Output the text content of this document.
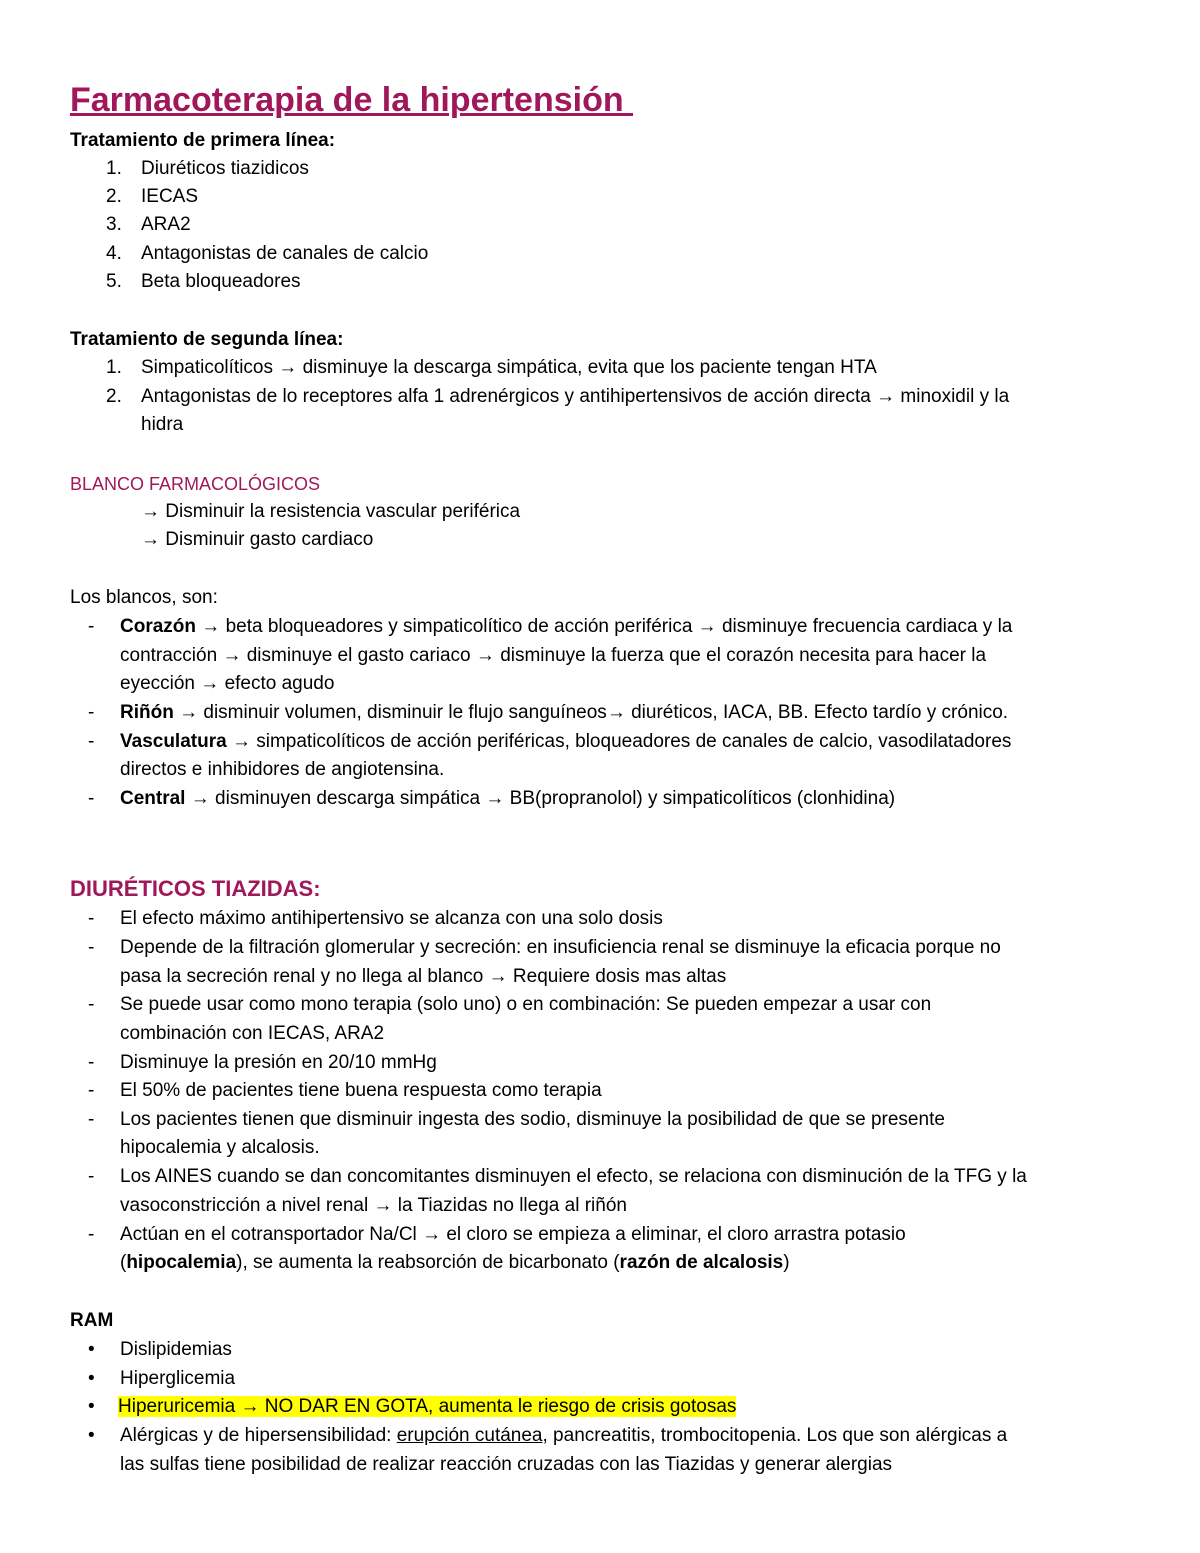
Farmacoterapia de la hipertensión
Tratamiento de primera línea:
1. Diuréticos tiazidicos
2. IECAS
3. ARA2
4. Antagonistas de canales de calcio
5. Beta bloqueadores
Tratamiento de segunda línea:
1. Simpaticolíticos → disminuye la descarga simpática, evita que los paciente tengan HTA
2. Antagonistas de lo receptores alfa 1 adrenérgicos y antihipertensivos de acción directa → minoxidil y la
hidra
BLANCO FARMACOLÓGICOS
→ Disminuir la resistencia vascular periférica
→ Disminuir gasto cardiaco
Los blancos, son:
- Corazón → beta bloqueadores y simpaticolítico de acción periférica → disminuye frecuencia cardiaca y la
contracción → disminuye el gasto cariaco → disminuye la fuerza que el corazón necesita para hacer la
eyección → efecto agudo
- Riñón → disminuir volumen, disminuir le flujo sanguíneos→ diuréticos, IACA, BB. Efecto tardío y crónico.
- Vasculatura → simpaticolíticos de acción periféricas, bloqueadores de canales de calcio, vasodilatadores
directos e inhibidores de angiotensina.
- Central → disminuyen descarga simpática → BB(propranolol) y simpaticolíticos (clonhidina)
DIURÉTICOS TIAZIDAS:
- El efecto máximo antihipertensivo se alcanza con una solo dosis
- Depende de la filtración glomerular y secreción: en insuficiencia renal se disminuye la eficacia porque no
pasa la secreción renal y no llega al blanco → Requiere dosis mas altas
- Se puede usar como mono terapia (solo uno) o en combinación: Se pueden empezar a usar con
combinación con IECAS, ARA2
- Disminuye la presión en 20/10 mmHg
- El 50% de pacientes tiene buena respuesta como terapia
- Los pacientes tienen que disminuir ingesta des sodio, disminuye la posibilidad de que se presente
hipocalemia y alcalosis.
- Los AINES cuando se dan concomitantes disminuyen el efecto, se relaciona con disminución de la TFG y la
vasoconstricción a nivel renal → la Tiazidas no llega al riñón
- Actúan en el cotransportador Na/Cl → el cloro se empieza a eliminar, el cloro arrastra potasio
(hipocalemia), se aumenta la reabsorción de bicarbonato (razón de alcalosis)
RAM
• Dislipidemias
• Hiperglicemia
• Hiperuricemia → NO DAR EN GOTA, aumenta le riesgo de crisis gotosas
• Alérgicas y de hipersensibilidad: erupción cutánea, pancreatitis, trombocitopenia. Los que son alérgicas a
las sulfas tiene posibilidad de realizar reacción cruzadas con las Tiazidas y generar alergias
